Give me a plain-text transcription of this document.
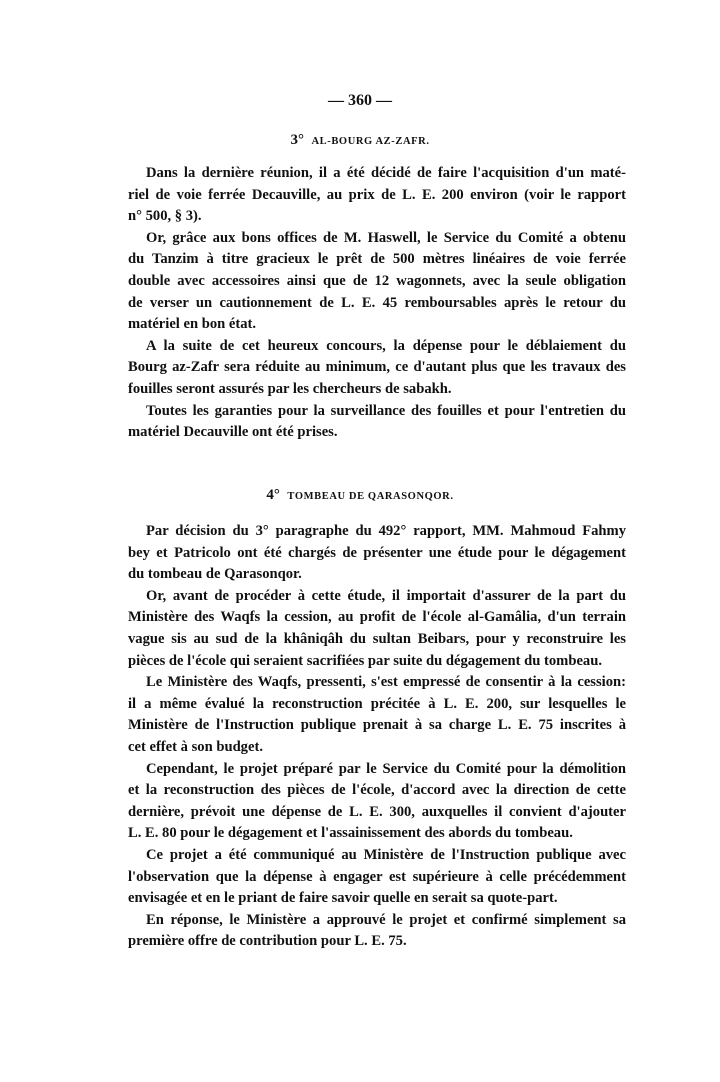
— 360 —
3° AL-BOURG AZ-ZAFR.
Dans la dernière réunion, il a été décidé de faire l'acquisition d'un maté-
riel de voie ferrée Decauville, au prix de L. E. 200 environ (voir le rapport
n° 500, § 3).
Or, grâce aux bons offices de M. Haswell, le Service du Comité a obtenu
du Tanzim à titre gracieux le prêt de 500 mètres linéaires de voie ferrée
double avec accessoires ainsi que de 12 wagonnets, avec la seule obligation
de verser un cautionnement de L. E. 45 remboursables après le retour du
matériel en bon état.
A la suite de cet heureux concours, la dépense pour le déblaiement du
Bourg az-Zafr sera réduite au minimum, ce d'autant plus que les travaux des
fouilles seront assurés par les chercheurs de sabakh.
Toutes les garanties pour la surveillance des fouilles et pour l'entretien du
matériel Decauville ont été prises.
4° TOMBEAU DE QARASONQOR.
Par décision du 3° paragraphe du 492° rapport, MM. Mahmoud Fahmy
bey et Patricolo ont été chargés de présenter une étude pour le dégagement
du tombeau de Qarasonqor.
Or, avant de procéder à cette étude, il importait d'assurer de la part du
Ministère des Waqfs la cession, au profit de l'école al-Gamâlia, d'un terrain
vague sis au sud de la khâniqâh du sultan Beibars, pour y reconstruire les
pièces de l'école qui seraient sacrifiées par suite du dégagement du tombeau.
Le Ministère des Waqfs, pressenti, s'est empressé de consentir à la cession:
il a même évalué la reconstruction précitée à L. E. 200, sur lesquelles le
Ministère de l'Instruction publique prenait à sa charge L. E. 75 inscrites à
cet effet à son budget.
Cependant, le projet préparé par le Service du Comité pour la démolition
et la reconstruction des pièces de l'école, d'accord avec la direction de cette
dernière, prévoit une dépense de L. E. 300, auxquelles il convient d'ajouter
L. E. 80 pour le dégagement et l'assainissement des abords du tombeau.
Ce projet a été communiqué au Ministère de l'Instruction publique avec
l'observation que la dépense à engager est supérieure à celle précédemment
envisagée et en le priant de faire savoir quelle en serait sa quote-part.
En réponse, le Ministère a approuvé le projet et confirmé simplement sa
première offre de contribution pour L. E. 75.
